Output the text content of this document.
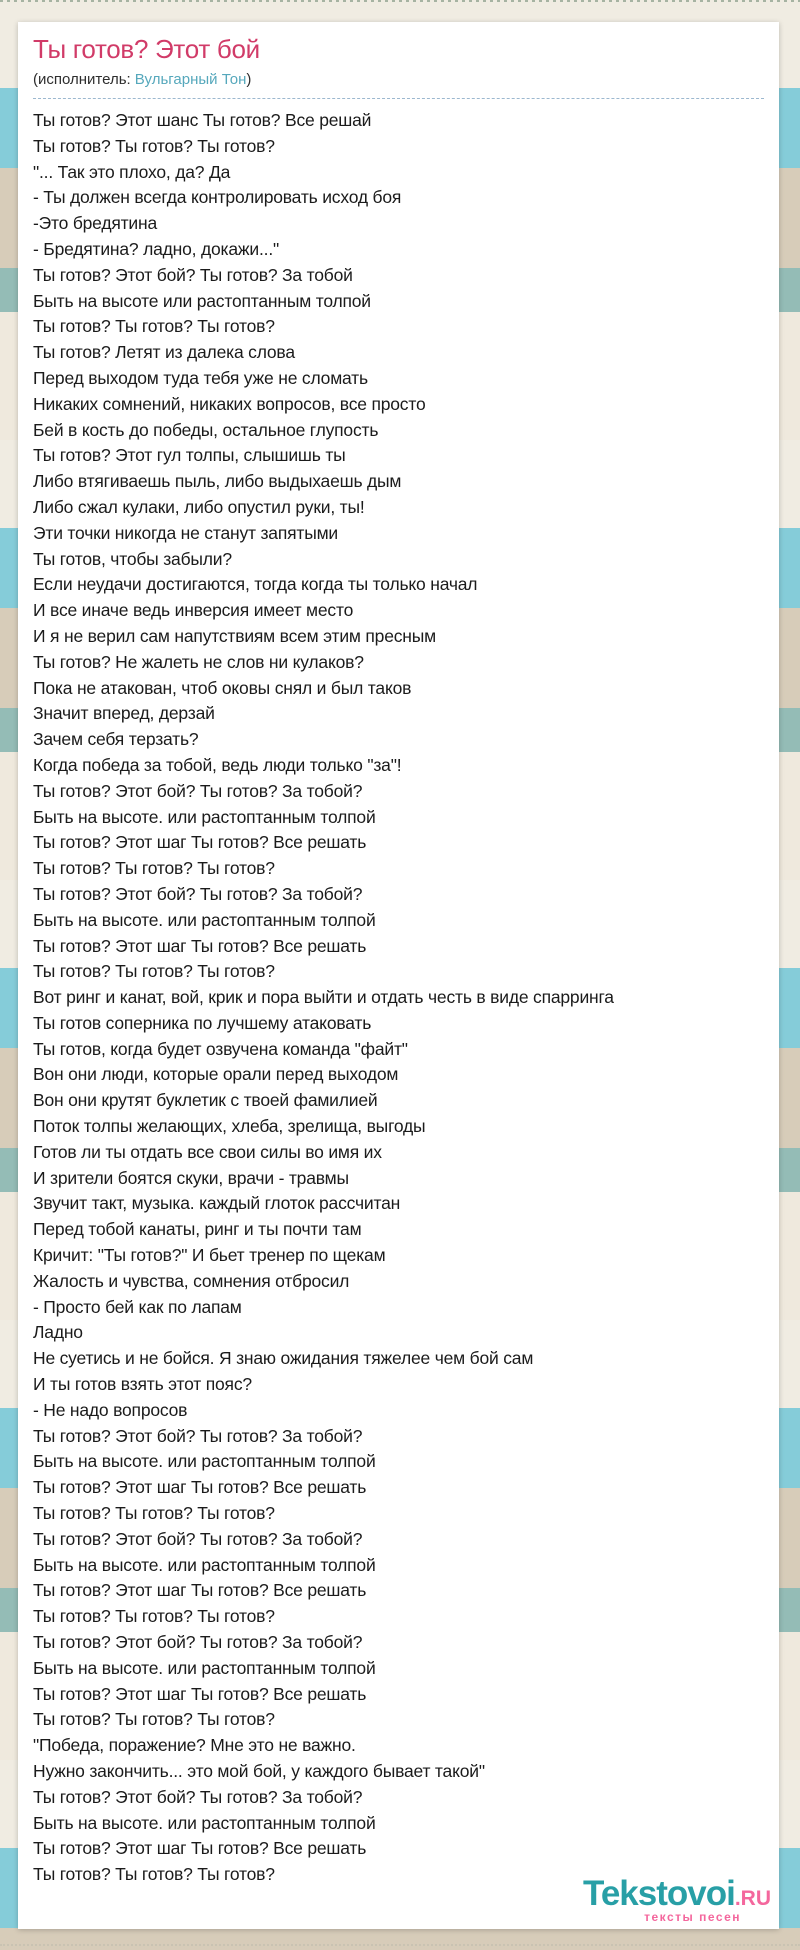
Ты готов? Этот бой
(исполнитель: Вульгарный Тон)
Ты готов? Этот шанс Ты готов? Все решай
Ты готов? Ты готов? Ты готов?
"... Так это плохо, да? Да
- Ты должен всегда контролировать исход боя
-Это бредятина
- Бредятина? ладно, докажи..."
Ты готов? Этот бой? Ты готов? За тобой
Быть на высоте или растоптанным толпой
Ты готов? Ты готов? Ты готов?
Ты готов? Летят из далека слова
Перед выходом туда тебя уже не сломать
Никаких сомнений, никаких вопросов, все просто
Бей в кость до победы, остальное глупость
Ты готов? Этот гул толпы, слышишь ты
Либо втягиваешь пыль, либо выдыхаешь дым
Либо сжал кулаки, либо опустил руки, ты!
Эти точки никогда не станут запятыми
Ты готов, чтобы забыли?
Если неудачи достигаются, тогда когда ты только начал
И все иначе ведь инверсия имеет место
И я не верил сам напутствиям всем этим пресным
Ты готов? Не жалеть не слов ни кулаков?
Пока не атакован, чтоб оковы снял и был таков
Значит вперед, дерзай
Зачем себя терзать?
Когда победа за тобой, ведь люди только "за"!
Ты готов? Этот бой? Ты готов? За тобой?
Быть на высоте. или растоптанным толпой
Ты готов? Этот шаг Ты готов? Все решать
Ты готов? Ты готов? Ты готов?
Ты готов? Этот бой? Ты готов? За тобой?
Быть на высоте. или растоптанным толпой
Ты готов? Этот шаг Ты готов? Все решать
Ты готов? Ты готов? Ты готов?
Вот ринг и канат, вой, крик и пора выйти и отдать честь в виде спарринга
Ты готов соперника по лучшему атаковать
Ты готов, когда будет озвучена команда "файт"
Вон они люди, которые орали перед выходом
Вон они крутят буклетик с твоей фамилией
Поток толпы желающих, хлеба, зрелища, выгоды
Готов ли ты отдать все свои силы во имя их
И зрители боятся скуки, врачи - травмы
Звучит такт, музыка. каждый глоток рассчитан
Перед тобой канаты, ринг и ты почти там
Кричит: "Ты готов?" И бьет тренер по щекам
Жалость и чувства, сомнения отбросил
- Просто бей как по лапам
Ладно
Не суетись и не бойся. Я знаю ожидания тяжелее чем бой сам
И ты готов взять этот пояс?
- Не надо вопросов
Ты готов? Этот бой? Ты готов? За тобой?
Быть на высоте. или растоптанным толпой
Ты готов? Этот шаг Ты готов? Все решать
Ты готов? Ты готов? Ты готов?
Ты готов? Этот бой? Ты готов? За тобой?
Быть на высоте. или растоптанным толпой
Ты готов? Этот шаг Ты готов? Все решать
Ты готов? Ты готов? Ты готов?
Ты готов? Этот бой? Ты готов? За тобой?
Быть на высоте. или растоптанным толпой
Ты готов? Этот шаг Ты готов? Все решать
Ты готов? Ты готов? Ты готов?
"Победа, поражение? Мне это не важно.
Нужно закончить... это мой бой, у каждого бывает такой"
Ты готов? Этот бой? Ты готов? За тобой?
Быть на высоте. или растоптанным толпой
Ты готов? Этот шаг Ты готов? Все решать
Ты готов? Ты готов? Ты готов?	Tekstovoi.RU
тексты песен
